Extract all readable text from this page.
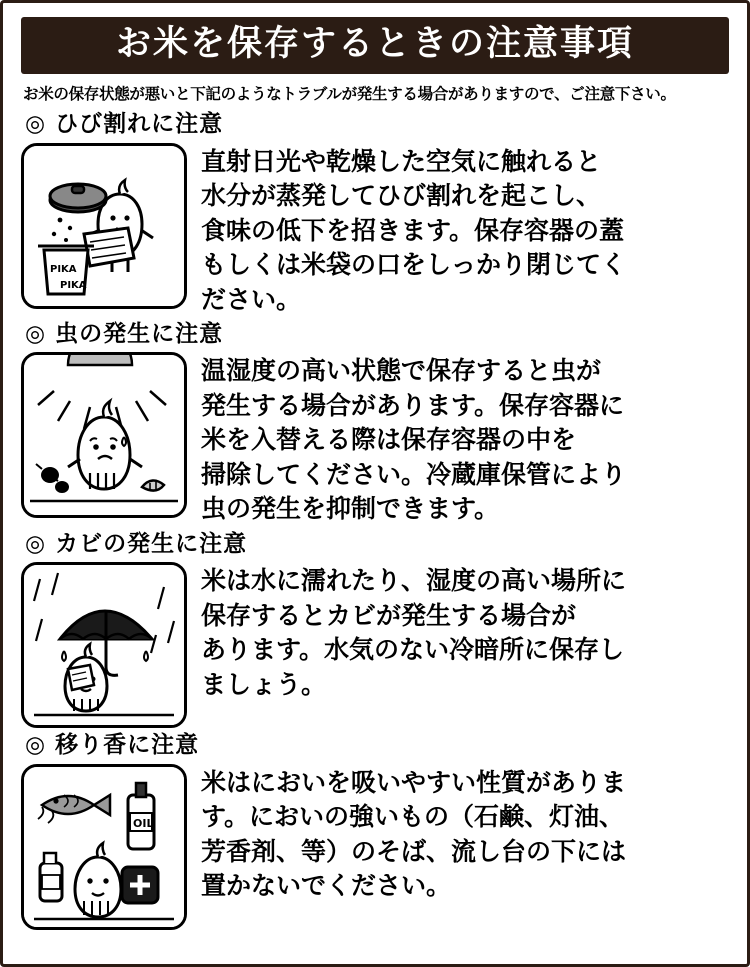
お米を保存するときの注意事項
お米の保存状態が悪いと下記のようなトラブルが発生する場合がありますので、ご注意下さい。
◎ ひび割れに注意
PIKA
PIKA
直射日光や乾燥した空気に触れると
水分が蒸発してひび割れを起こし、
食味の低下を招きます。保存容器の蓋
もしくは米袋の口をしっかり閉じてく
ださい。
◎ 虫の発生に注意
温湿度の高い状態で保存すると虫が
発生する場合があります。保存容器に
米を入替える際は保存容器の中を
掃除してください。冷蔵庫保管により
虫の発生を抑制できます。
◎ カビの発生に注意
米は水に濡れたり、湿度の高い場所に
保存するとカビが発生する場合が
あります。水気のない冷暗所に保存し
ましょう。
◎ 移り香に注意
OIL
米はにおいを吸いやすい性質がありま
す。においの強いもの（石鹸、灯油、
芳香剤、等）のそば、流し台の下には
置かないでください。
